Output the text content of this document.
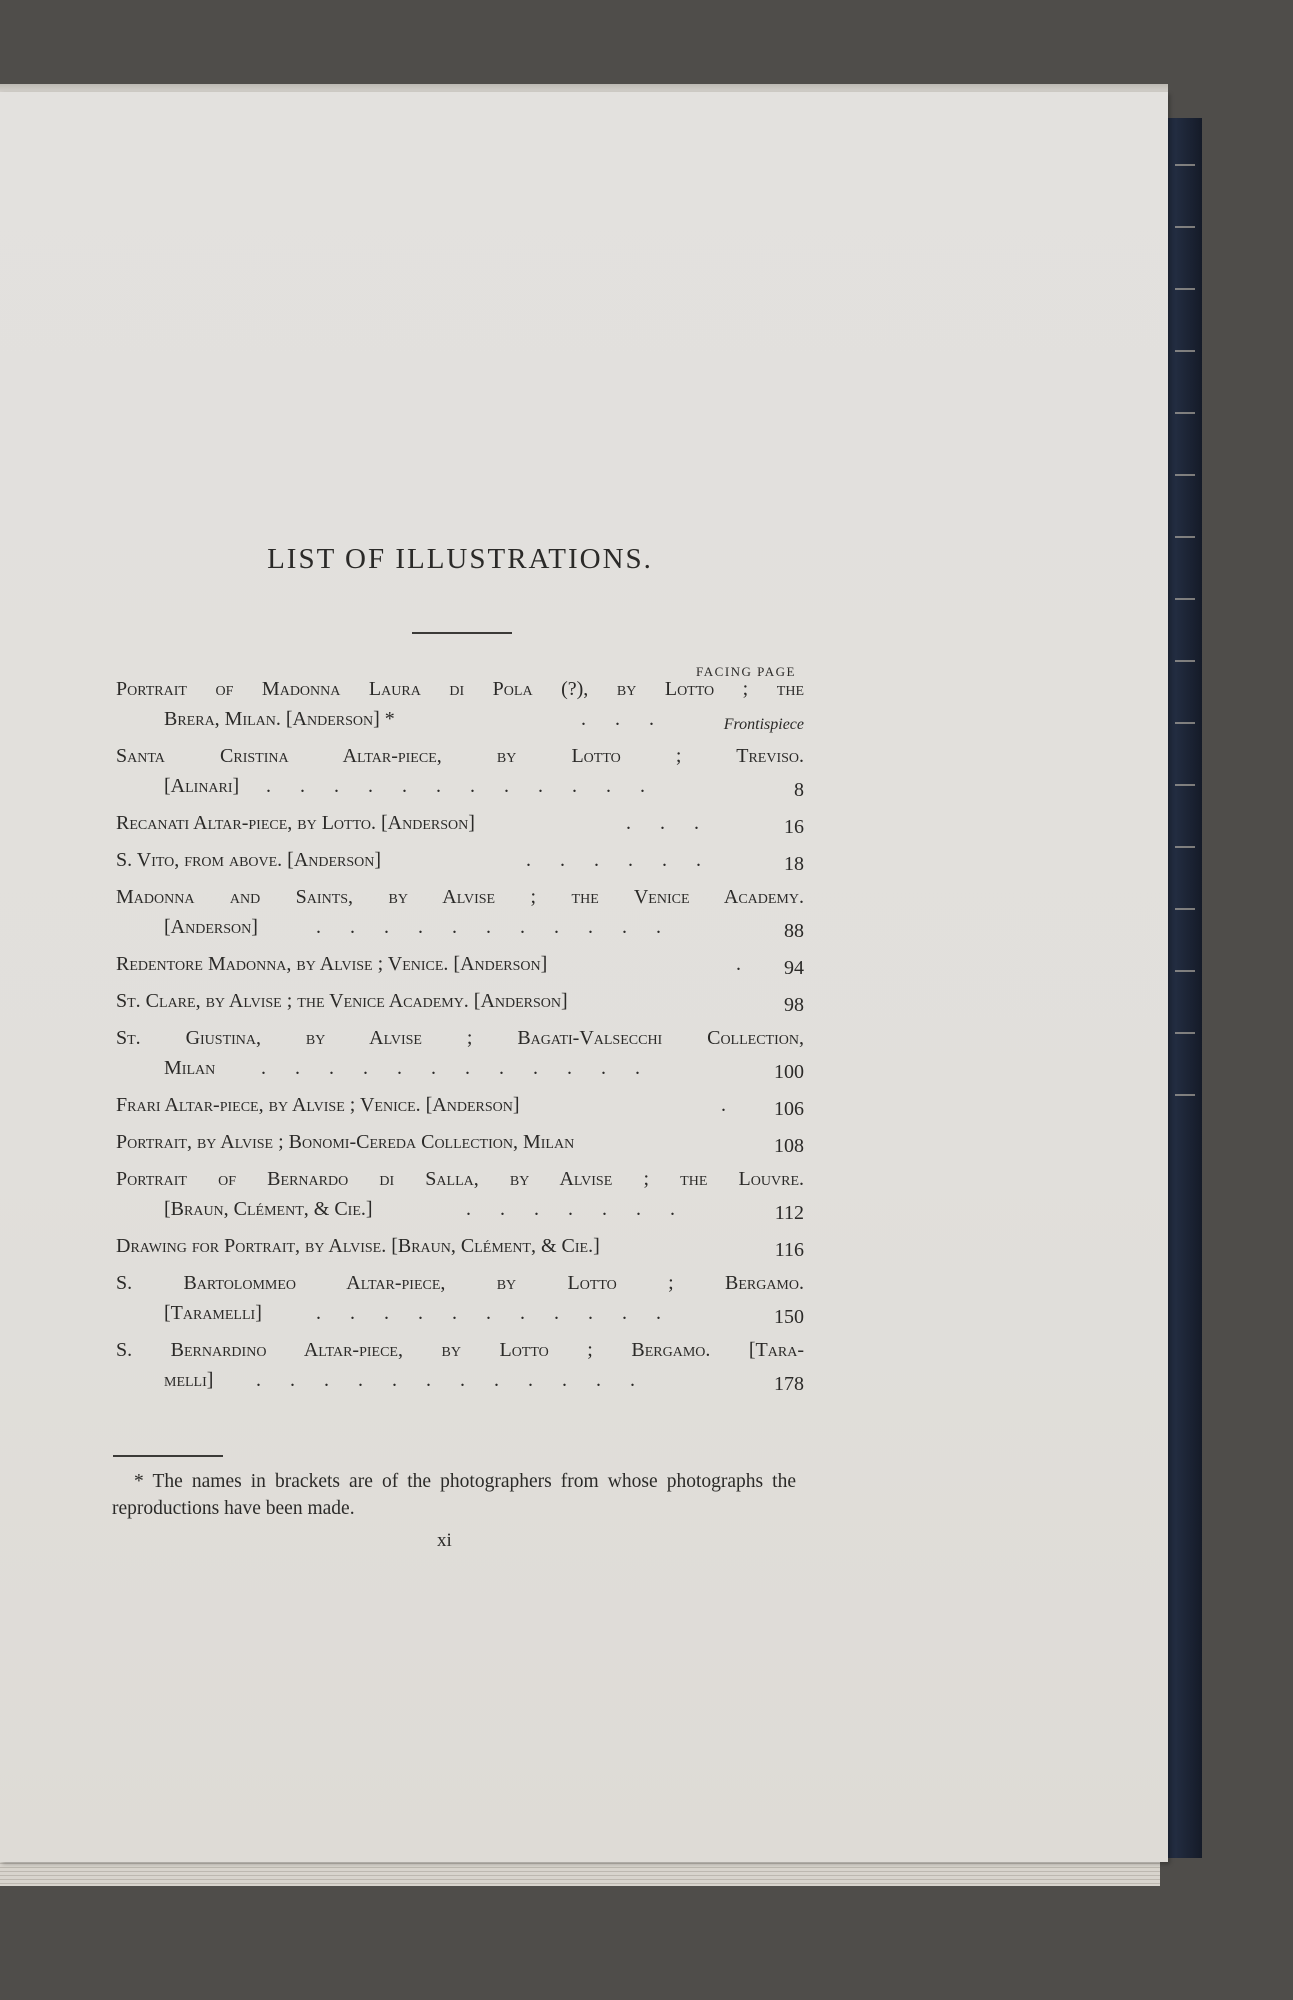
LIST OF ILLUSTRATIONS.
FACING PAGE
Portrait of Madonna Laura di Pola (?), by Lotto ; the
Brera, Milan. [Anderson] *	. . .	Frontispiece
Santa Cristina Altar-piece, by Lotto ; Treviso.
[Alinari] . . . . . . . . . . . .	8
Recanati Altar-piece, by Lotto. [Anderson]	. . .	16
S. Vito, from above. [Anderson]	. . . . . .	18
Madonna and Saints, by Alvise ; the Venice Academy.
[Anderson]	. . . . . . . . . . .	88
Redentore Madonna, by Alvise ; Venice. [Anderson]	. 94
St. Clare, by Alvise ; the Venice Academy. [Anderson]	98
St. Giustina, by Alvise ; Bagati-Valsecchi Collection,
Milan . . . . . . . . . . . .	100
Frari Altar-piece, by Alvise ; Venice. [Anderson]	. 106
Portrait, by Alvise ; Bonomi-Cereda Collection, Milan	108
Portrait of Bernardo di Salla, by Alvise ; the Louvre.
[Braun, Clément, & Cie.]	. . . . . . .	112
Drawing for Portrait, by Alvise. [Braun, Clément, & Cie.]	116
S. Bartolommeo Altar-piece, by Lotto ; Bergamo.
[Taramelli]	. . . . . . . . . . .	150
S. Bernardino Altar-piece, by Lotto ; Bergamo. [Tara-
melli] . . . . . . . . . . . .	178
* The names in brackets are of the photographers from whose photographs the reproductions have been made.
xi
